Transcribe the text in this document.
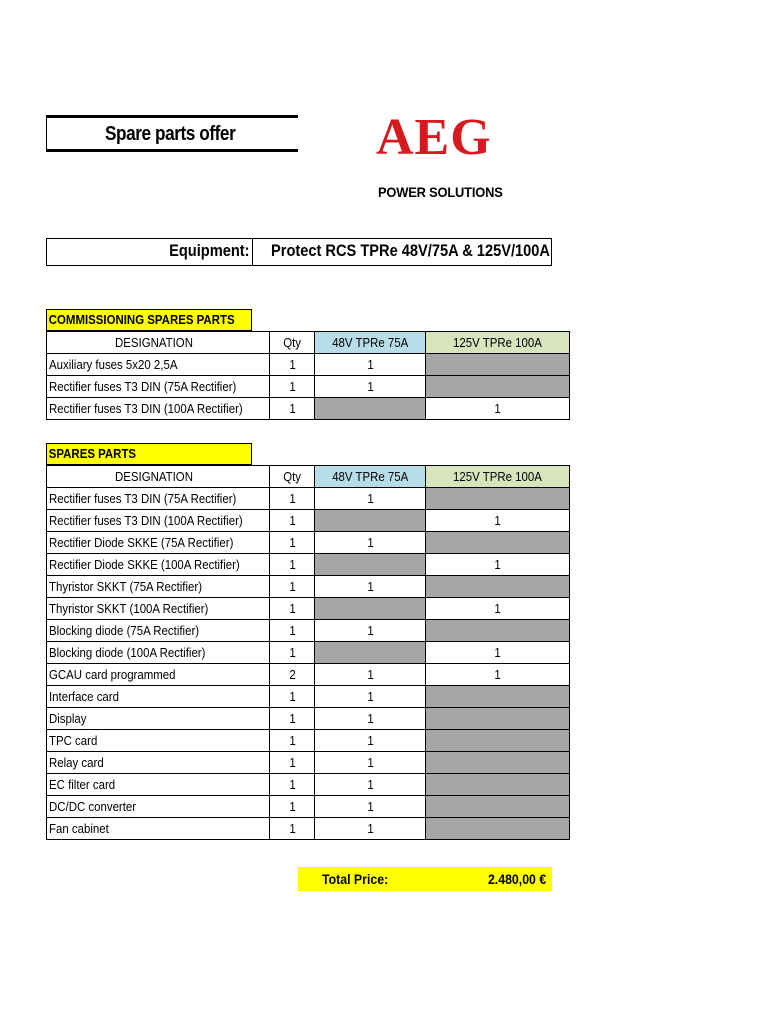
Spare parts offer	AEG
POWER SOLUTIONS
Equipment: Protect RCS TPRe 48V/75A & 125V/100A
COMMISSIONING SPARES PARTS
DESIGNATION	Qty	48V TPRe 75A	125V TPRe 100A
Auxiliary fuses 5x20 2,5A	1	1	
Rectifier fuses T3 DIN (75A Rectifier)	1	1	
Rectifier fuses T3 DIN (100A Rectifier)	1		1
SPARES PARTS
DESIGNATION	Qty	48V TPRe 75A	125V TPRe 100A
Rectifier fuses T3 DIN (75A Rectifier)	1	1	
Rectifier fuses T3 DIN (100A Rectifier)	1		1
Rectifier Diode SKKE (75A Rectifier)	1	1	
Rectifier Diode SKKE (100A Rectifier)	1		1
Thyristor SKKT (75A Rectifier)	1	1	
Thyristor SKKT (100A Rectifier)	1		1
Blocking diode (75A Rectifier)	1	1	
Blocking diode (100A Rectifier)	1		1
GCAU card programmed	2	1	1
Interface card	1	1	
Display	1	1	
TPC card	1	1	
Relay card	1	1	
EC filter card	1	1	
DC/DC converter	1	1	
Fan cabinet	1	1	
Total Price:	2.480,00 €
